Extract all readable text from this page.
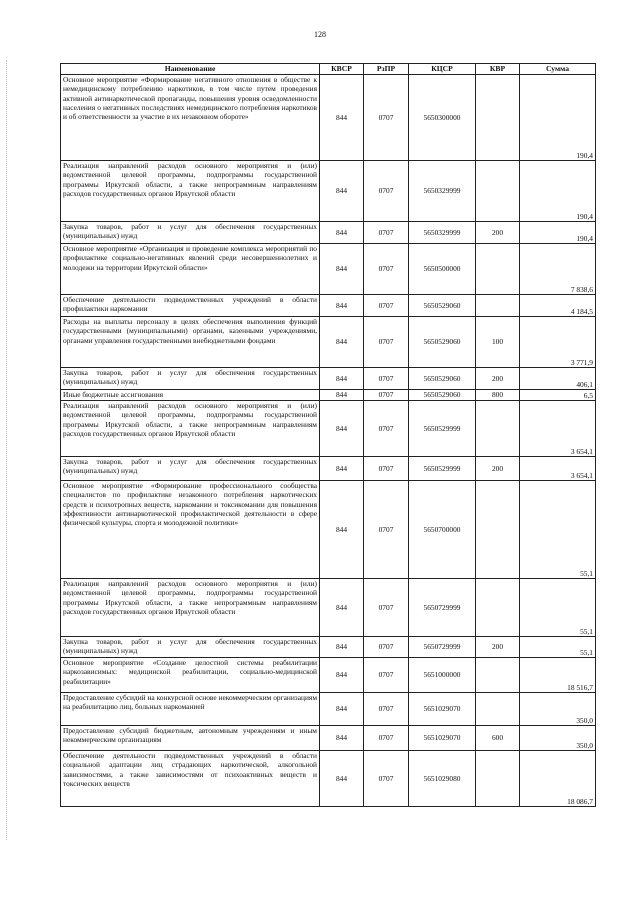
128
Наименование	КВСР	РзПР	КЦСР	КВР	Сумма
Основное мероприятие «Формирование негативного отношения в обществе к немедицинскому потреблению наркотиков, в том числе путем проведения активной антинаркотической пропаганды, повышения уровня осведомленности населения о негативных последствиях немедицинского потребления наркотиков и об ответственности за участие в их незаконном обороте»	844	0707	5650300000		190,4
Реализация направлений расходов основного мероприятия и (или) ведомственной целевой программы, подпрограммы государственной программы Иркутской области, а также непрограммным направлениям расходов государственных органов Иркутской области	844	0707	5650329999		190,4
Закупка товаров, работ и услуг для обеспечения государственных (муниципальных) нужд	844	0707	5650329999	200	190,4
Основное мероприятие «Организация и проведение комплекса мероприятий по профилактике социально-негативных явлений среди несовершеннолетних и молодежи на территории Иркутской области»	844	0707	5650500000		7 838,6
Обеспечение деятельности подведомственных учреждений в области профилактики наркомании	844	0707	5650529060		4 184,5
Расходы на выплаты персоналу в целях обеспечения выполнения функций государственными (муниципальными) органами, казенными учреждениями, органами управления государственными внебюджетными фондами	844	0707	5650529060	100	3 771,9
Закупка товаров, работ и услуг для обеспечения государственных (муниципальных) нужд	844	0707	5650529060	200	406,1
Иные бюджетные ассигнования	844	0707	5650529060	800	6,5
Реализация направлений расходов основного мероприятия и (или) ведомственной целевой программы, подпрограммы государственной программы Иркутской области, а также непрограммным направлениям расходов государственных органов Иркутской области	844	0707	5650529999		3 654,1
Закупка товаров, работ и услуг для обеспечения государственных (муниципальных) нужд	844	0707	5650529999	200	3 654,1
Основное мероприятие «Формирование профессионального сообщества специалистов по профилактике незаконного потребления наркотических средств и психотропных веществ, наркомании и токсикомании для повышения эффективности антинаркотической профилактической деятельности в сфере физической культуры, спорта и молодежной политики»	844	0707	5650700000		55,1
Реализация направлений расходов основного мероприятия и (или) ведомственной целевой программы, подпрограммы государственной программы Иркутской области, а также непрограммным направлениям расходов государственных органов Иркутской области	844	0707	5650729999		55,1
Закупка товаров, работ и услуг для обеспечения государственных (муниципальных) нужд	844	0707	5650729999	200	55,1
Основное мероприятие «Создание целостной системы реабилитации наркозависимых: медицинской реабилитации, социально-медицинской реабилитации»	844	0707	5651000000		18 516,7
Предоставление субсидий на конкурсной основе некоммерческим организациям на реабилитацию лиц, больных наркоманией	844	0707	5651029070		350,0
Предоставление субсидий бюджетным, автономным учреждениям и иным некоммерческим организациям	844	0707	5651029070	600	350,0
Обеспечение деятельности подведомственных учреждений в области социальной адаптации лиц страдающих наркотической, алкогольной зависимостями, а также зависимостями от психоактивных веществ и токсических веществ	844	0707	5651029080		18 086,7
